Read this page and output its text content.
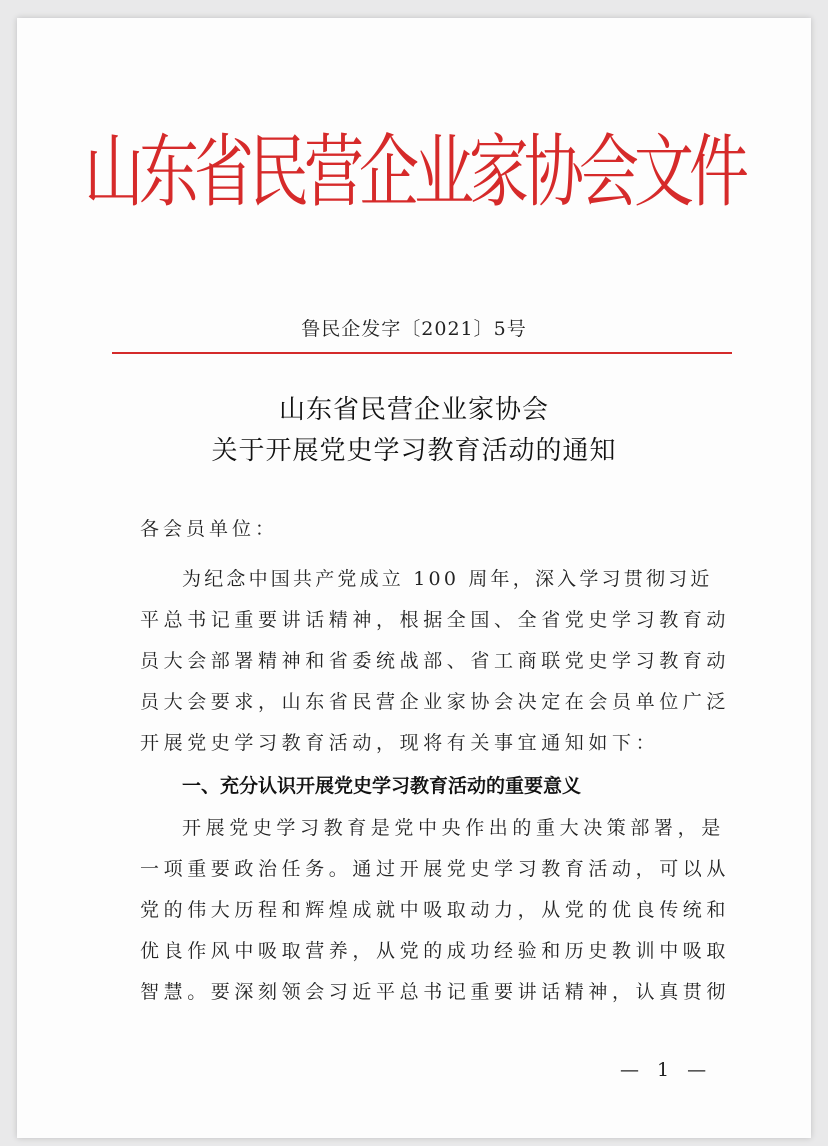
山东省民营企业家协会文件
鲁民企发字〔2021〕5号
山东省民营企业家协会
关于开展党史学习教育活动的通知
各会员单位：
为纪念中国共产党成立 100 周年，深入学习贯彻习近
平总书记重要讲话精神，根据全国、全省党史学习教育动
员大会部署精神和省委统战部、省工商联党史学习教育动
员大会要求，山东省民营企业家协会决定在会员单位广泛
开展党史学习教育活动，现将有关事宜通知如下：
一、充分认识开展党史学习教育活动的重要意义
开展党史学习教育是党中央作出的重大决策部署，是
一项重要政治任务。通过开展党史学习教育活动，可以从
党的伟大历程和辉煌成就中吸取动力，从党的优良传统和
优良作风中吸取营养，从党的成功经验和历史教训中吸取
智慧。要深刻领会习近平总书记重要讲话精神，认真贯彻
— 1 —
